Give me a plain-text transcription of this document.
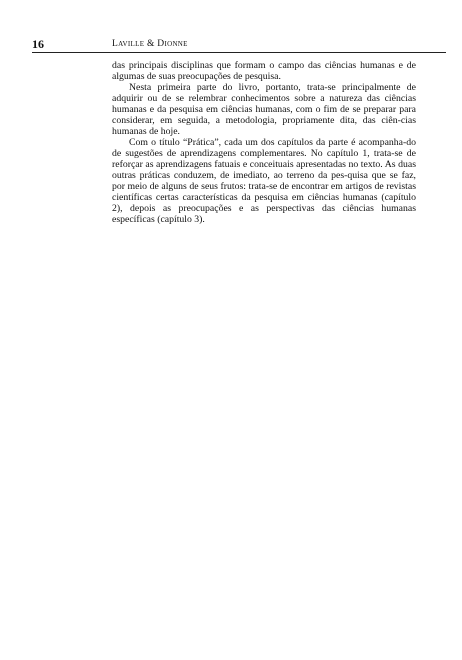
16	Laville & Dionne

das principais disciplinas que formam o campo das ciências humanas e de algumas de suas preocupações de pesquisa.

Nesta primeira parte do livro, portanto, trata-se principalmente de adquirir ou de se relembrar conhecimentos sobre a natureza das ciências humanas e da pesquisa em ciências humanas, com o fim de se preparar para considerar, em seguida, a metodologia, propriamente dita, das ciên-cias humanas de hoje.

Com o título “Prática”, cada um dos capítulos da parte é acompanha-do de sugestões de aprendizagens complementares. No capítulo 1, trata-se de reforçar as aprendizagens fatuais e conceituais apresentadas no texto. As duas outras práticas conduzem, de imediato, ao terreno da pes-quisa que se faz, por meio de alguns de seus frutos: trata-se de encontrar em artigos de revistas científicas certas características da pesquisa em ciências humanas (capítulo 2), depois as preocupações e as perspectivas das ciências humanas específicas (capítulo 3).
